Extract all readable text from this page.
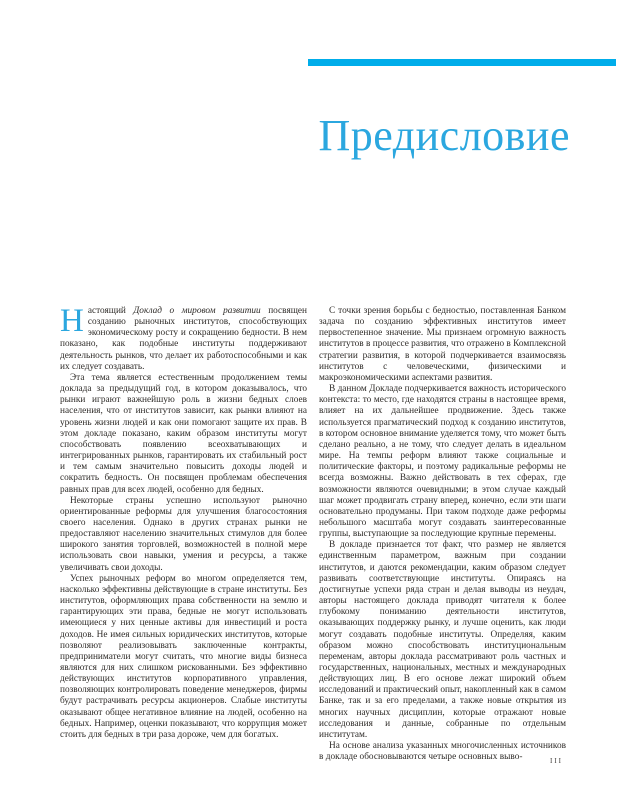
Предисловие

Настоящий Доклад о мировом развитии посвящен созданию рыночных институтов, способствующих экономическому росту и сокращению бедности. В нем показано, как подобные институты поддерживают деятельность рынков, что делает их работоспособными и как их следует создавать.

Эта тема является естественным продолжением темы доклада за предыдущий год, в котором доказывалось, что рынки играют важнейшую роль в жизни бедных слоев населения, что от институтов зависит, как рынки влияют на уровень жизни людей и как они помогают защите их прав. В этом докладе показано, каким образом институты могут способствовать появлению всеохватывающих и интегрированных рынков, гарантировать их стабильный рост и тем самым значительно повысить доходы людей и сократить бедность. Он посвящен проблемам обеспечения равных прав для всех людей, особенно для бедных.

Некоторые страны успешно используют рыночно ориентированные реформы для улучшения благосостояния своего населения. Однако в других странах рынки не предоставляют населению значительных стимулов для более широкого занятия торговлей, возможностей в полной мере использовать свои навыки, умения и ресурсы, а также увеличивать свои доходы.

Успех рыночных реформ во многом определяется тем, насколько эффективны действующие в стране институты. Без институтов, оформляющих права собственности на землю и гарантирующих эти права, бедные не могут использовать имеющиеся у них ценные активы для инвестиций и роста доходов. Не имея сильных юридических институтов, которые позволяют реализовывать заключенные контракты, предприниматели могут считать, что многие виды бизнеса являются для них слишком рискованными. Без эффективно действующих институтов корпоративного управления, позволяющих контролировать поведение менеджеров, фирмы будут растрачивать ресурсы акционеров. Слабые институты оказывают общее негативное влияние на людей, особенно на бедных. Например, оценки показывают, что коррупция может стоить для бедных в три раза дороже, чем для богатых.

С точки зрения борьбы с бедностью, поставленная Банком задача по созданию эффективных институтов имеет первостепенное значение. Мы признаем огромную важность институтов в процессе развития, что отражено в Комплексной стратегии развития, в которой подчеркивается взаимосвязь институтов с человеческими, физическими и макроэкономическими аспектами развития.

В данном Докладе подчеркивается важность исторического контекста: то место, где находятся страны в настоящее время, влияет на их дальнейшее продвижение. Здесь также используется прагматический подход к созданию институтов, в котором основное внимание уделяется тому, что может быть сделано реально, а не тому, что следует делать в идеальном мире. На темпы реформ влияют также социальные и политические факторы, и поэтому радикальные реформы не всегда возможны. Важно действовать в тех сферах, где возможности являются очевидными; в этом случае каждый шаг может продвигать страну вперед, конечно, если эти шаги основательно продуманы. При таком подходе даже реформы небольшого масштаба могут создавать заинтересованные группы, выступающие за последующие крупные перемены.

В докладе признается тот факт, что размер не является единственным параметром, важным при создании институтов, и даются рекомендации, каким образом следует развивать соответствующие институты. Опираясь на достигнутые успехи ряда стран и делая выводы из неудач, авторы настоящего доклада приводят читателя к более глубокому пониманию деятельности институтов, оказывающих поддержку рынку, и лучше оценить, как люди могут создавать подобные институты. Определяя, каким образом можно способствовать институциональным переменам, авторы доклада рассматривают роль частных и государственных, национальных, местных и международных действующих лиц. В его основе лежат широкий объем исследований и практический опыт, накопленный как в самом Банке, так и за его пределами, а также новые открытия из многих научных дисциплин, которые отражают новые исследования и данные, собранные по отдельным институтам.

На основе анализа указанных многочисленных источников в докладе обосновываются четыре основных выво-	iii
